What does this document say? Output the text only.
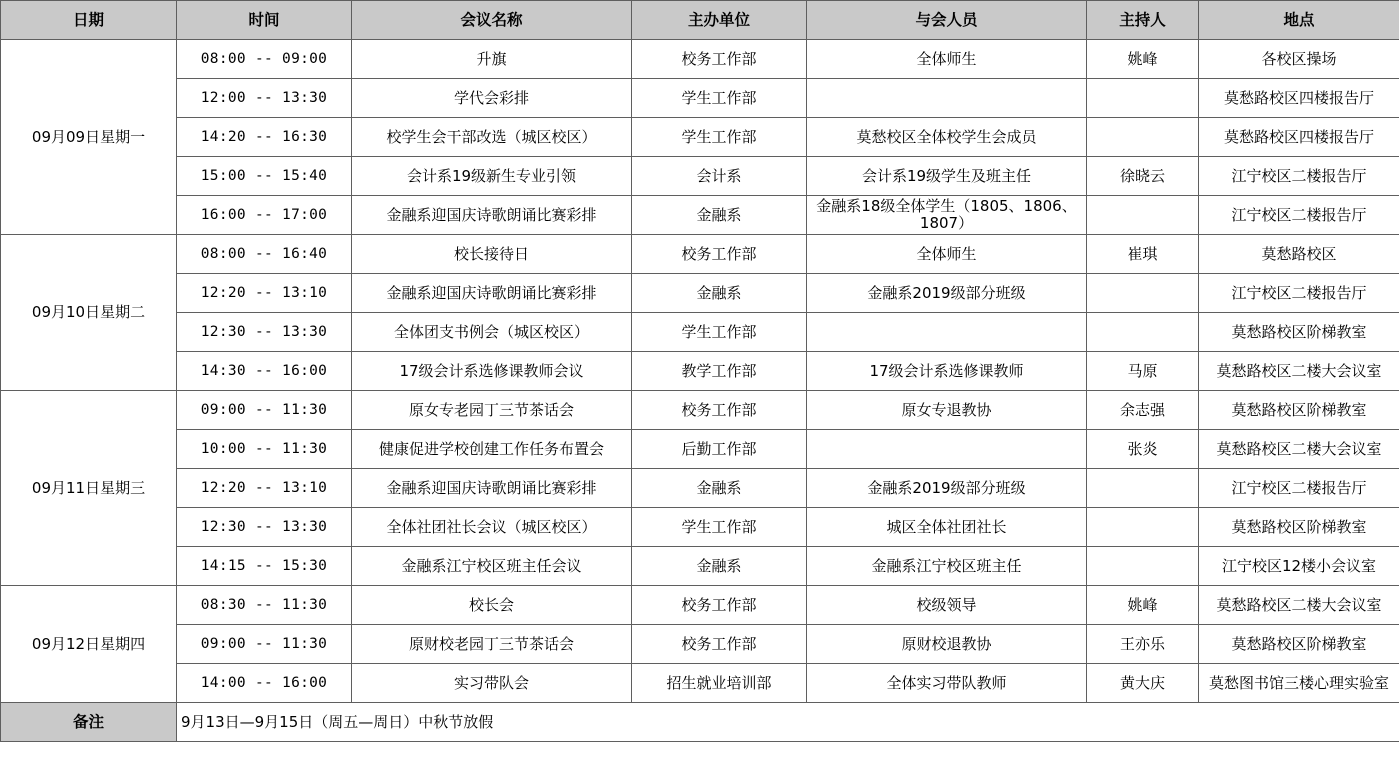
日期	时间	会议名称	主办单位	与会人员	主持人	地点
09月09日星期一	08:00 -- 09:00	升旗	校务工作部	全体师生	姚峰	各校区操场
	12:00 -- 13:30	学代会彩排	学生工作部			莫愁路校区四楼报告厅
	14:20 -- 16:30	校学生会干部改选（城区校区）	学生工作部	莫愁校区全体校学生会成员		莫愁路校区四楼报告厅
	15:00 -- 15:40	会计系19级新生专业引领	会计系	会计系19级学生及班主任	徐晓云	江宁校区二楼报告厅
	16:00 -- 17:00	金融系迎国庆诗歌朗诵比赛彩排	金融系	金融系18级全体学生（1805、1806、1807）		江宁校区二楼报告厅
09月10日星期二	08:00 -- 16:40	校长接待日	校务工作部	全体师生	崔琪	莫愁路校区
	12:20 -- 13:10	金融系迎国庆诗歌朗诵比赛彩排	金融系	金融系2019级部分班级		江宁校区二楼报告厅
	12:30 -- 13:30	全体团支书例会（城区校区）	学生工作部			莫愁路校区阶梯教室
	14:30 -- 16:00	17级会计系选修课教师会议	教学工作部	17级会计系选修课教师	马原	莫愁路校区二楼大会议室
09月11日星期三	09:00 -- 11:30	原女专老园丁三节茶话会	校务工作部	原女专退教协	余志强	莫愁路校区阶梯教室
	10:00 -- 11:30	健康促进学校创建工作任务布置会	后勤工作部		张炎	莫愁路校区二楼大会议室
	12:20 -- 13:10	金融系迎国庆诗歌朗诵比赛彩排	金融系	金融系2019级部分班级		江宁校区二楼报告厅
	12:30 -- 13:30	全体社团社长会议（城区校区）	学生工作部	城区全体社团社长		莫愁路校区阶梯教室
	14:15 -- 15:30	金融系江宁校区班主任会议	金融系	金融系江宁校区班主任		江宁校区12楼小会议室
09月12日星期四	08:30 -- 11:30	校长会	校务工作部	校级领导	姚峰	莫愁路校区二楼大会议室
	09:00 -- 11:30	原财校老园丁三节茶话会	校务工作部	原财校退教协	王亦乐	莫愁路校区阶梯教室
	14:00 -- 16:00	实习带队会	招生就业培训部	全体实习带队教师	黄大庆	莫愁图书馆三楼心理实验室
备注	9月13日—9月15日（周五—周日）中秋节放假					
